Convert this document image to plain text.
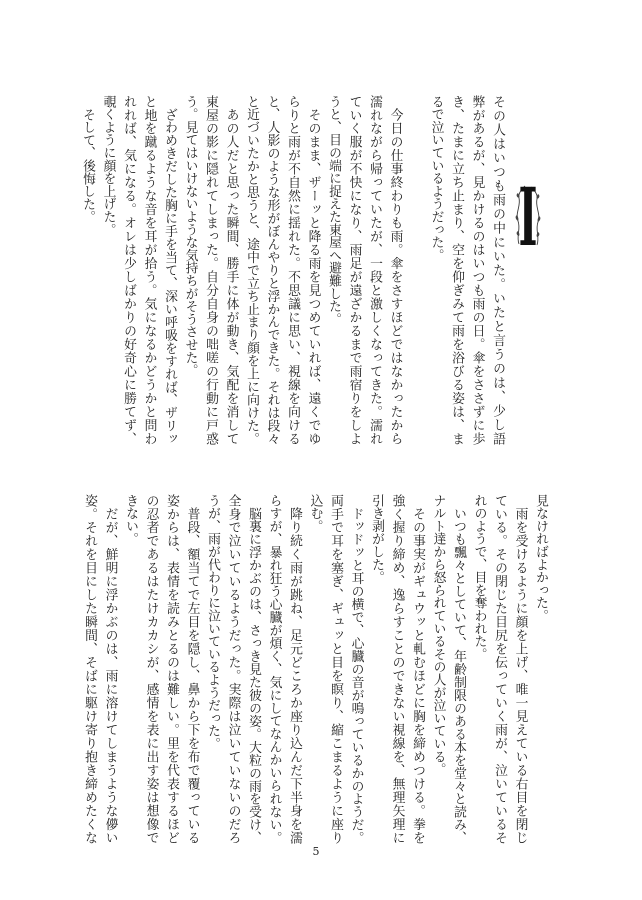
I
その人はいつも雨の中にいた。いたと言うのは、少し語
弊があるが、見かけるのはいつも雨の日。傘をささずに歩
き、たまに立ち止まり、空を仰ぎみて雨を浴びる姿は、ま
るで泣いているようだった。
今日の仕事終わりも雨。傘をさすほどではなかったから
濡れながら帰っていたが、一段と激しくなってきた。濡れ
ていく服が不快になり、雨足が遠ざかるまで雨宿りをしよ
うと、目の端に捉えた東屋へ避難した。
そのまま、ザーッと降る雨を見つめていれば、遠くでゆ
らりと雨が不自然に揺れた。不思議に思い、視線を向ける
と、人影のような形がぼんやりと浮かんできた。それは段々
と近づいたかと思うと、途中で立ち止まり顔を上に向けた。
あの人だと思った瞬間、勝手に体が動き、気配を消して
東屋の影に隠れてしまった。自分自身の咄嗟の行動に戸惑
う。見てはいけないような気持ちがそうさせた。
ざわめきだした胸に手を当て、深い呼吸をすれば、ザリッ
と地を蹴るような音を耳が拾う。気になるかどうかと問わ
れれば、気になる。オレは少しばかりの好奇心に勝てず、
覗くように顔を上げた。
そして、後悔した。
見なければよかった。
雨を受けるように顔を上げ、唯一見えている右目を閉じ
ている。その閉じた目尻を伝っていく雨が、泣いているそ
れのようで、目を奪われた。
いつも飄々としていて、年齢制限のある本を堂々と読み、
ナルト達から怒られているその人が泣いている。
その事実がギュウッと軋むほどに胸を締めつける。拳を
強く握り締め、逸らすことのできない視線を、無理矢理に
引き剥がした。
ドッドッと耳の横で、心臓の音が鳴っているかのようだ。
両手で耳を塞ぎ、ギュッと目を瞑り、縮こまるように座り
込む。
降り続く雨が跳ね、足元どころか座り込んだ下半身を濡
らすが、暴れ狂う心臓が煩く、気にしてなんかいられない。
脳裏に浮かぶのは、さっき見た彼の姿。大粒の雨を受け、
全身で泣いているようだった。実際は泣いていないのだろ
うが、雨が代わりに泣いているようだった。
普段、額当てで左目を隠し、鼻から下を布で覆っている
姿からは、表情を読みとるのは難しい。里を代表するほど
の忍者であるはたけカカシが、感情を表に出す姿は想像で
きない。
だが、鮮明に浮かぶのは、雨に溶けてしまうような儚い
姿。それを目にした瞬間、そばに駆け寄り抱き締めたくな
5
